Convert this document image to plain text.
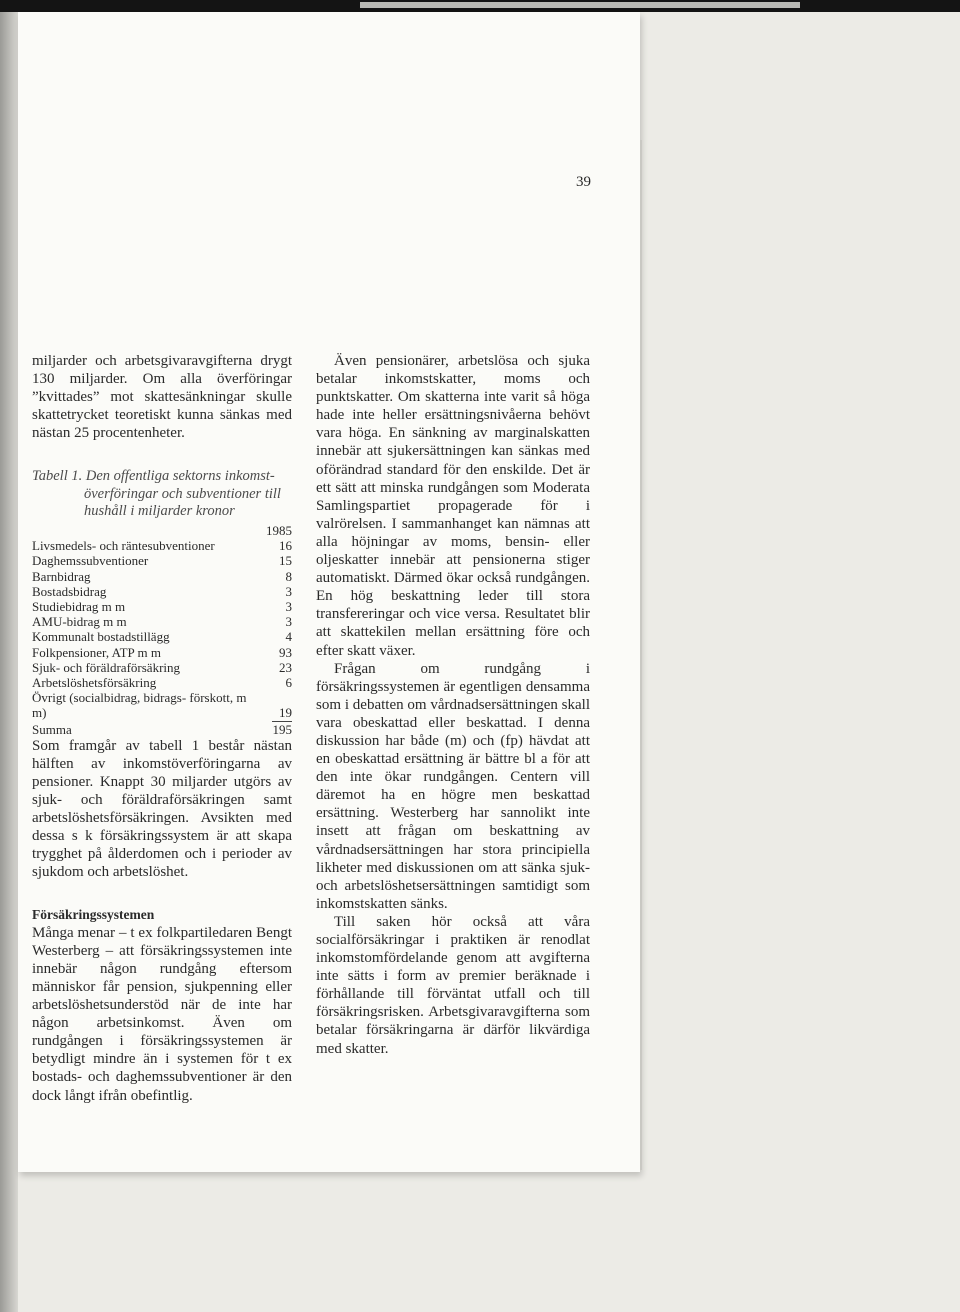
39

miljarder och arbetsgivaravgifterna drygt 130 miljarder. Om alla överföringar ”kvittades” mot skattesänkningar skulle skattetrycket teoretiskt kunna sänkas med nästan 25 procentenheter.

Tabell 1. Den offentliga sektorns inkomst-
överföringar och subventioner till
hushåll i miljarder kronor
1985
Livsmedels- och räntesubventioner	16
Daghemssubventioner	15
Barnbidrag	8
Bostadsbidrag	3
Studiebidrag m m	3
AMU-bidrag m m	3
Kommunalt bostadstillägg	4
Folkpensioner, ATP m m	93
Sjuk- och föräldraförsäkring	23
Arbetslöshetsförsäkring	6
Övrigt (socialbidrag, bidrags- förskott, m m)	19
Summa	195

Som framgår av tabell 1 består nästan hälften av inkomstöverföringarna av pensioner. Knappt 30 miljarder utgörs av sjuk- och föräldraförsäkringen samt arbetslöshetsförsäkringen. Avsikten med dessa s k försäkringssystem är att skapa trygghet på ålderdomen och i perioder av sjukdom och arbetslöshet.

Försäkringssystemen

Många menar – t ex folkpartiledaren Bengt Westerberg – att försäkringssystemen inte innebär någon rundgång eftersom människor får pension, sjukpenning eller arbetslöshetsunderstöd när de inte har någon arbetsinkomst. Även om rundgången i försäkringssystemen är betydligt mindre än i systemen för t ex bostads- och daghemssubventioner är den dock långt ifrån obefintlig.

Även pensionärer, arbetslösa och sjuka betalar inkomstskatter, moms och punktskatter. Om skatterna inte varit så höga hade inte heller ersättningsnivåerna behövt vara höga. En sänkning av marginalskatten innebär att sjukersättningen kan sänkas med oförändrad standard för den enskilde. Det är ett sätt att minska rundgången som Moderata Samlingspartiet propagerade för i valrörelsen. I sammanhanget kan nämnas att alla höjningar av moms, bensin- eller oljeskatter innebär att pensionerna stiger automatiskt. Därmed ökar också rundgången. En hög beskattning leder till stora transfereringar och vice versa. Resultatet blir att skattekilen mellan ersättning före och efter skatt växer.

Frågan om rundgång i försäkringssystemen är egentligen densamma som i debatten om vårdnadsersättningen skall vara obeskattad eller beskattad. I denna diskussion har både (m) och (fp) hävdat att en obeskattad ersättning är bättre bl a för att den inte ökar rundgången. Centern vill däremot ha en högre men beskattad ersättning. Westerberg har sannolikt inte insett att frågan om beskattning av vårdnadsersättningen har stora principiella likheter med diskussionen om att sänka sjuk- och arbetslöshetsersättningen samtidigt som inkomstskatten sänks.

Till saken hör också att våra socialförsäkringar i praktiken är renodlat inkomstomfördelande genom att avgifterna inte sätts i form av premier beräknade i förhållande till förväntat utfall och till försäkringsrisken. Arbetsgivaravgifterna som betalar försäkringarna är därför likvärdiga med skatter.
